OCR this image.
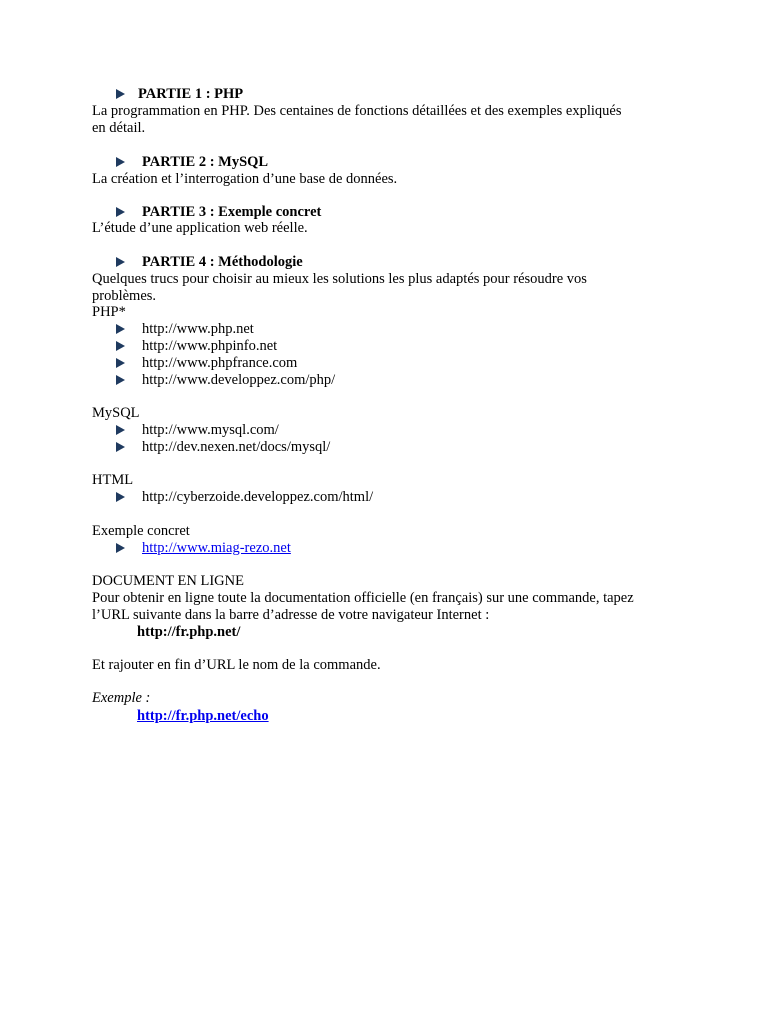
PARTIE 1 : PHP
La programmation en PHP. Des centaines de fonctions détaillées et des exemples expliqués
en détail.
PARTIE 2 : MySQL
La création et l’interrogation d’une base de données.
PARTIE 3 : Exemple concret
L’étude d’une application web réelle.
PARTIE 4 : Méthodologie
Quelques trucs pour choisir au mieux les solutions les plus adaptés pour résoudre vos
problèmes.
PHP*
http://www.php.net
http://www.phpinfo.net
http://www.phpfrance.com
http://www.developpez.com/php/
MySQL
http://www.mysql.com/
http://dev.nexen.net/docs/mysql/
HTML
http://cyberzoide.developpez.com/html/
Exemple concret
http://www.miag-rezo.net
DOCUMENT EN LIGNE
Pour obtenir en ligne toute la documentation officielle (en français) sur une commande, tapez
l’URL suivante dans la barre d’adresse de votre navigateur Internet :
http://fr.php.net/
Et rajouter en fin d’URL le nom de la commande.
Exemple :
http://fr.php.net/echo
